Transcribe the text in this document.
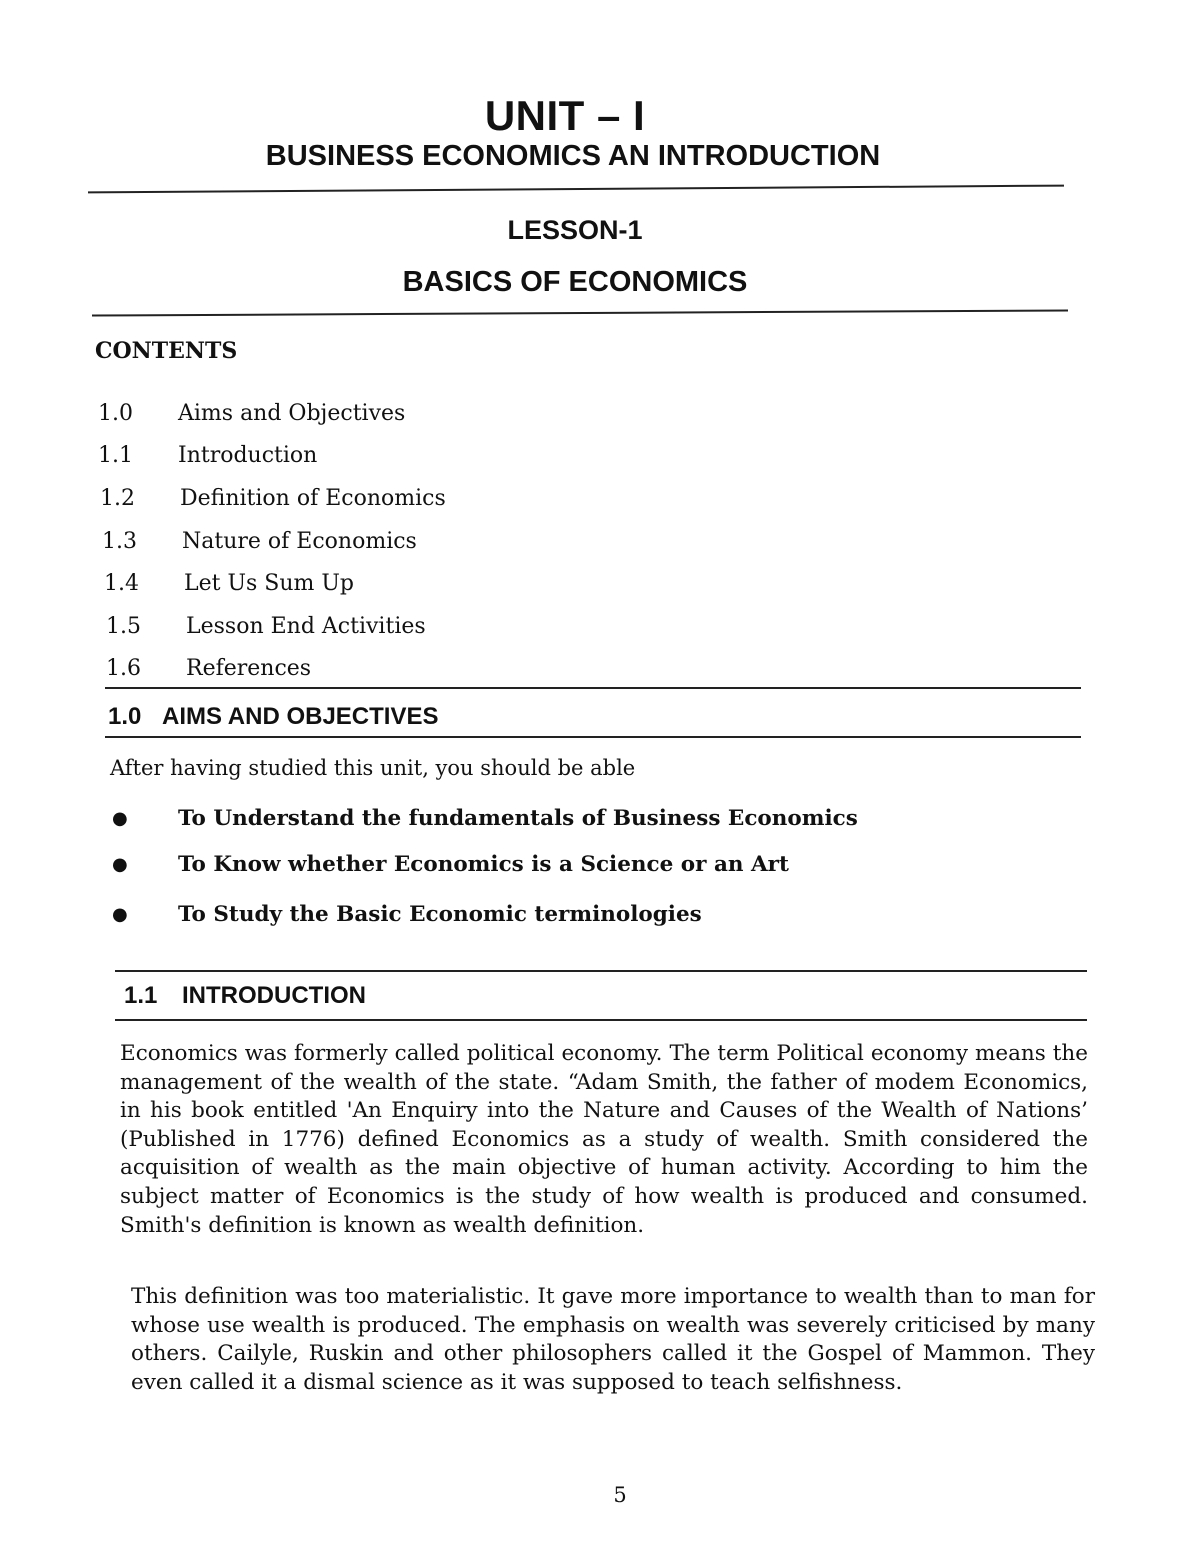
UNIT – I
BUSINESS ECONOMICS AN INTRODUCTION
LESSON-1
BASICS OF ECONOMICS
CONTENTS
1.0	Aims and Objectives
1.1	Introduction
1.2	Definition of Economics
1.3	Nature of Economics
1.4	Let Us Sum Up
1.5	Lesson End Activities
1.6	References
1.0 AIMS AND OBJECTIVES
After having studied this unit, you should be able
●	To Understand the fundamentals of Business Economics
●	To Know whether Economics is a Science or an Art
●	To Study the Basic Economic terminologies
1.1 INTRODUCTION

Economics was formerly called political economy. The term Political economy means the management of the wealth of the state. “Adam Smith, the father of modem Economics, in his book entitled 'An Enquiry into the Nature and Causes of the Wealth of Nations’ (Published in 1776) defined Economics as a study of wealth. Smith considered the acquisition of wealth as the main objective of human activity. According to him the subject matter of Economics is the study of how wealth is produced and consumed. Smith's definition is known as wealth definition.

This definition was too materialistic. It gave more importance to wealth than to man for whose use wealth is produced. The emphasis on wealth was severely criticised by many others. Cailyle, Ruskin and other philosophers called it the Gospel of Mammon. They even called it a dismal science as it was supposed to teach selfishness.

5
